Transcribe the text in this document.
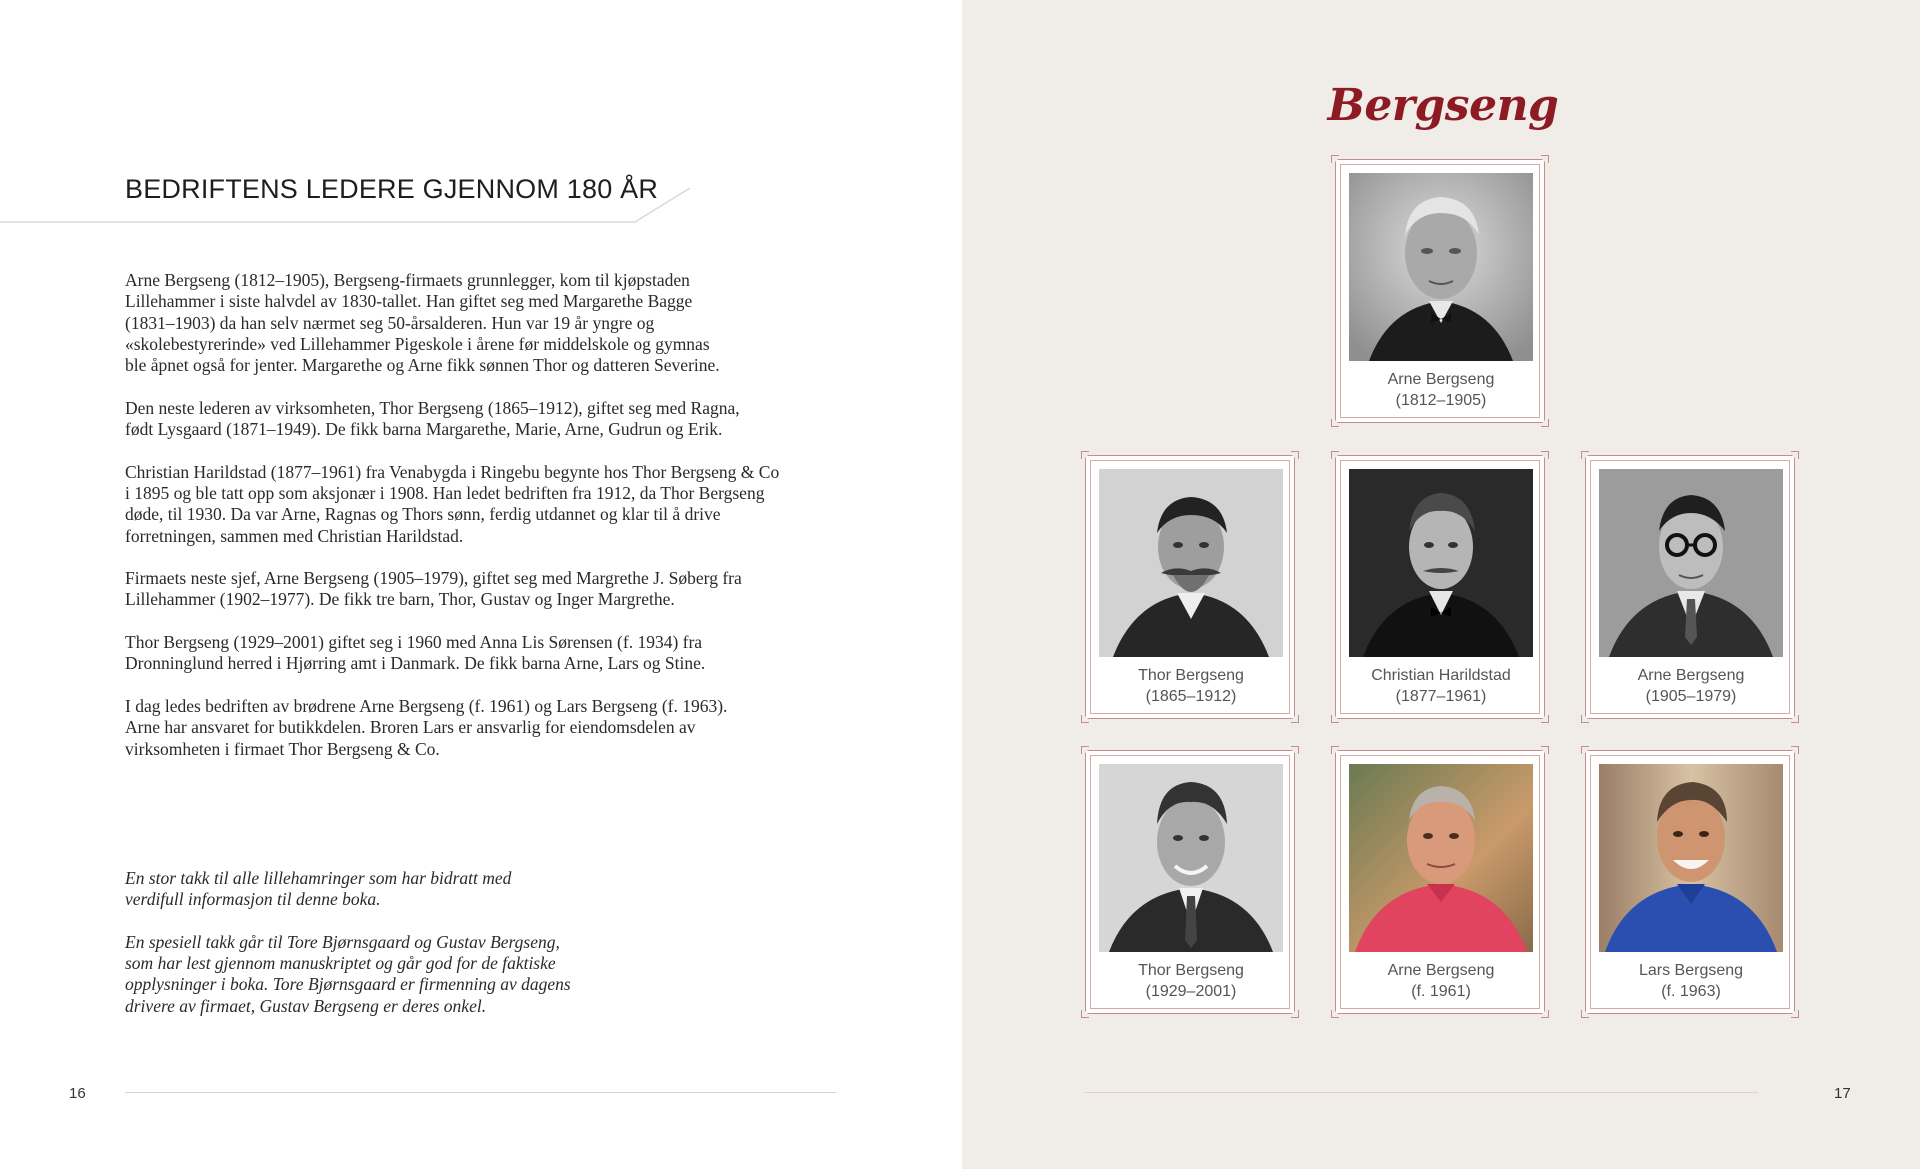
BEDRIFTENS LEDERE GJENNOM 180 ÅR

Arne Bergseng (1812–1905), Bergseng-firmaets grunnlegger, kom til kjøpstaden
Lillehammer i siste halvdel av 1830-tallet. Han giftet seg med Margarethe Bagge
(1831–1903) da han selv nærmet seg 50-årsalderen. Hun var 19 år yngre og
«skolebestyrerinde» ved Lillehammer Pigeskole i årene før middelskole og gymnas
ble åpnet også for jenter. Margarethe og Arne fikk sønnen Thor og datteren Severine.

Den neste lederen av virksomheten, Thor Bergseng (1865–1912), giftet seg med Ragna,
født Lysgaard (1871–1949). De fikk barna Margarethe, Marie, Arne, Gudrun og Erik.

Christian Harildstad (1877–1961) fra Venabygda i Ringebu begynte hos Thor Bergseng & Co
i 1895 og ble tatt opp som aksjonær i 1908. Han ledet bedriften fra 1912, da Thor Bergseng
døde, til 1930. Da var Arne, Ragnas og Thors sønn, ferdig utdannet og klar til å drive
forretningen, sammen med Christian Harildstad.

Firmaets neste sjef, Arne Bergseng (1905–1979), giftet seg med Margrethe J. Søberg fra
Lillehammer (1902–1977). De fikk tre barn, Thor, Gustav og Inger Margrethe.

Thor Bergseng (1929–2001) giftet seg i 1960 med Anna Lis Sørensen (f. 1934) fra
Dronninglund herred i Hjørring amt i Danmark. De fikk barna Arne, Lars og Stine.

I dag ledes bedriften av brødrene Arne Bergseng (f. 1961) og Lars Bergseng (f. 1963).
Arne har ansvaret for butikkdelen. Broren Lars er ansvarlig for eiendomsdelen av
virksomheten i firmaet Thor Bergseng & Co.

En stor takk til alle lillehamringer som har bidratt med
verdifull informasjon til denne boka.

En spesiell takk går til Tore Bjørnsgaard og Gustav Bergseng,
som har lest gjennom manuskriptet og går god for de faktiske
opplysninger i boka. Tore Bjørnsgaard er firmenning av dagens
drivere av firmaet, Gustav Bergseng er deres onkel.

16	17
Bergseng
Arne Bergseng
(1812–1905)
Thor Bergseng
(1865–1912)
Christian Harildstad
(1877–1961)
Arne Bergseng
(1905–1979)
Thor Bergseng
(1929–2001)
Arne Bergseng
(f. 1961)
Lars Bergseng
(f. 1963)
